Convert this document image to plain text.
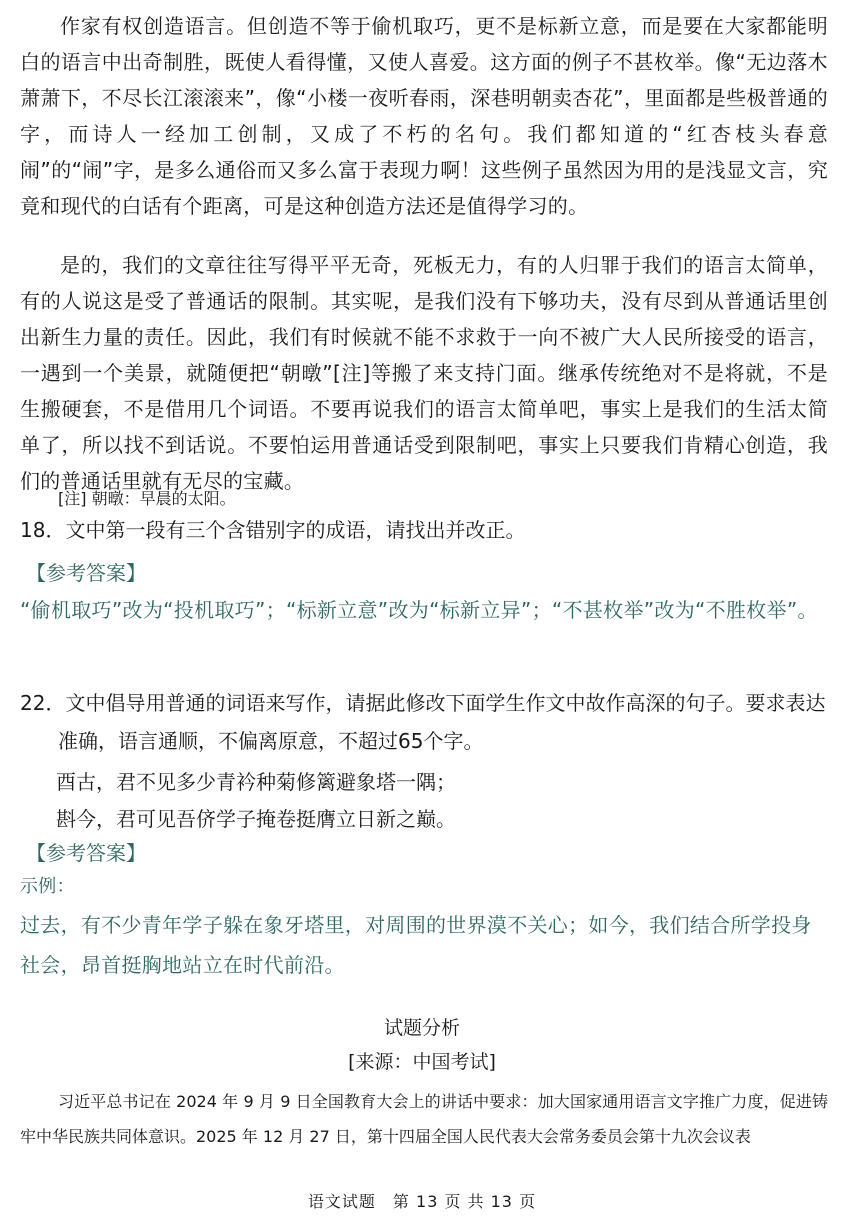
作家有权创造语言。但创造不等于偷机取巧，更不是标新立意，而是要在大家都能明白的语言中出奇制胜，既使人看得懂，又使人喜爱。这方面的例子不甚枚举。像“无边落木萧萧下，不尽长江滚滚来”，像“小楼一夜听春雨，深巷明朝卖杏花”，里面都是些极普通的字，而诗人一经加工创制，又成了不朽的名句。我们都知道的“红杏枝头春意闹”的“闹”字，是多么通俗而又多么富于表现力啊！这些例子虽然因为用的是浅显文言，究竟和现代的白话有个距离，可是这种创造方法还是值得学习的。

是的，我们的文章往往写得平平无奇，死板无力，有的人归罪于我们的语言太简单，有的人说这是受了普通话的限制。其实呢，是我们没有下够功夫，没有尽到从普通话里创出新生力量的责任。因此，我们有时候就不能不求救于一向不被广大人民所接受的语言，一遇到一个美景，就随便把“朝暾”[注]等搬了来支持门面。继承传统绝对不是将就，不是生搬硬套，不是借用几个词语。不要再说我们的语言太简单吧，事实上是我们的生活太简单了，所以找不到话说。不要怕运用普通话受到限制吧，事实上只要我们肯精心创造，我们的普通话里就有无尽的宝藏。

[注] 朝暾：早晨的太阳。

18．文中第一段有三个含错别字的成语，请找出并改正。

【参考答案】

“偷机取巧”改为“投机取巧”；“标新立意”改为“标新立异”；“不甚枚举”改为“不胜枚举”。

22．文中倡导用普通的词语来写作，请据此修改下面学生作文中故作高深的句子。要求表达准确，语言通顺，不偏离原意，不超过65个字。

酉古，君不见多少青衿种菊修篱避象塔一隅；

斟今，君可见吾侪学子掩卷挺膺立日新之巅。

【参考答案】

示例：

过去，有不少青年学子躲在象牙塔里，对周围的世界漠不关心；如今，我们结合所学投身社会，昂首挺胸地站立在时代前沿。

试题分析

[来源：中国考试]

习近平总书记在 2024 年 9 月 9 日全国教育大会上的讲话中要求：加大国家通用语言文字推广力度，促进铸牢中华民族共同体意识。2025 年 12 月 27 日，第十四届全国人民代表大会常务委员会第十九次会议表

语文试题　第 13 页 共 13 页
